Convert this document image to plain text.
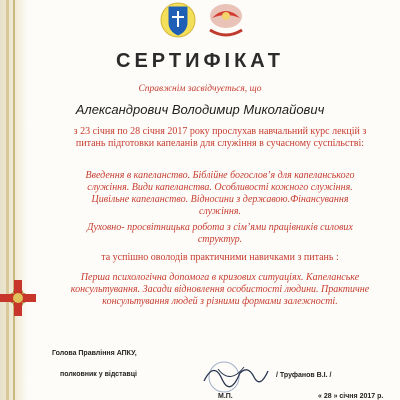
СЕРТИФІКАТ
Справжнім засвідчується, що
Александрович Володимир Миколайович
з 23 січня по 28 січня 2017 року прослухав навчальний курс лекцій з питань підготовки капеланів для служіння в сучасному суспільстві:
Введення в капеланство. Біблійне богослов’я для капеланського служіння. Види капеланства. Особливості кожного служіння. Цивільне капеланство. Відносини з державою.Фінансування служіння.
Духовно- просвітницька робота з сім’ями працівників силових структур.
та успішно оволодів практичними навичками з питань :
Перша психологічна допомога в кризових ситуаціях. Капеланське консультування. Засади відновлення особистості людини. Практичне консультування людей з різними формами залежності.
Голова Правління АПКУ,
полковник у відставці	/ Труфанов В.І. /
М.П.	« 28 » січня 2017 р.
